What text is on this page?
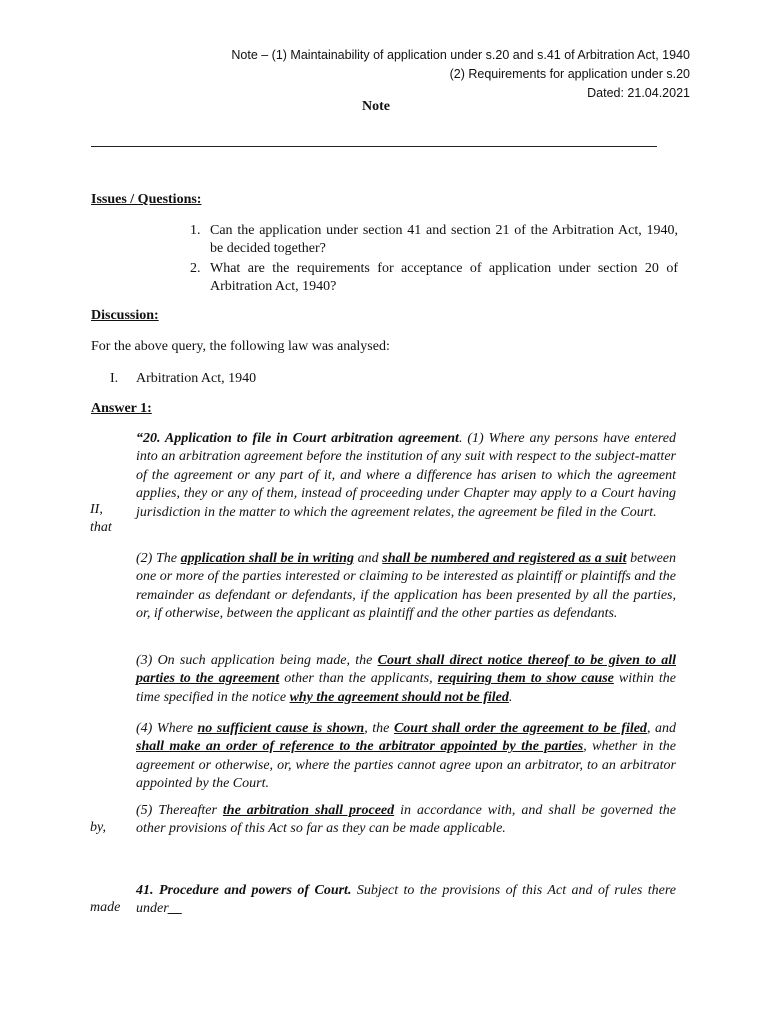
Note – (1) Maintainability of application under s.20 and s.41 of Arbitration Act, 1940
(2) Requirements for application under s.20
Dated: 21.04.2021
Note
Issues / Questions:
1. Can the application under section 41 and section 21 of the Arbitration Act, 1940, be decided together?
2. What are the requirements for acceptance of application under section 20 of Arbitration Act, 1940?
Discussion:
For the above query, the following law was analysed:
I. Arbitration Act, 1940
Answer 1:
II,
that
by,
made
“20. Application to file in Court arbitration agreement. (1) Where any persons have entered into an arbitration agreement before the institution of any suit with respect to the subject-matter of the agreement or any part of it, and where a difference has arisen to which the agreement applies, they or any of them, instead of proceeding under Chapter may apply to a Court having jurisdiction in the matter to which the agreement relates, the agreement be filed in the Court.
(2) The application shall be in writing and shall be numbered and registered as a suit between one or more of the parties interested or claiming to be interested as plaintiff or plaintiffs and the remainder as defendant or defendants, if the application has been presented by all the parties, or, if otherwise, between the applicant as plaintiff and the other parties as defendants.
(3) On such application being made, the Court shall direct notice thereof to be given to all parties to the agreement other than the applicants, requiring them to show cause within the time specified in the notice why the agreement should not be filed.
(4) Where no sufficient cause is shown, the Court shall order the agreement to be filed, and shall make an order of reference to the arbitrator appointed by the parties, whether in the agreement or otherwise, or, where the parties cannot agree upon an arbitrator, to an arbitrator appointed by the Court.
(5) Thereafter the arbitration shall proceed in accordance with, and shall be governed the other provisions of this Act so far as they can be made applicable.
41. Procedure and powers of Court. Subject to the provisions of this Act and of rules there under__
